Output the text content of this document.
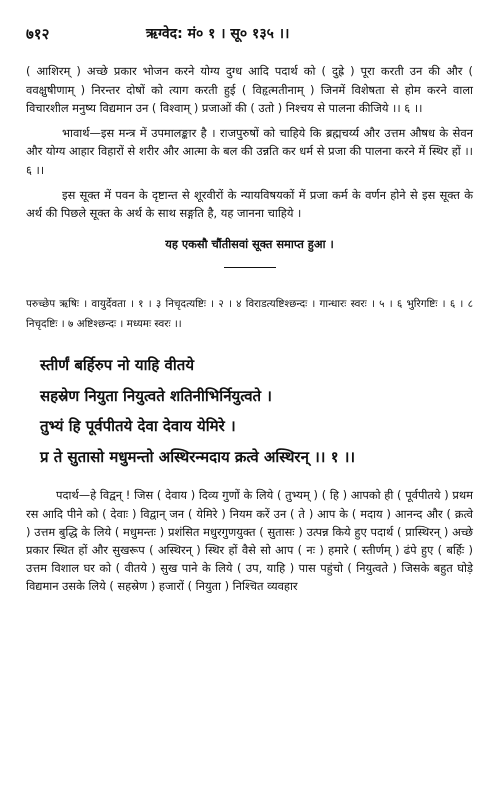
७१२	ऋग्वेद: मं० १ । सू० १३५ ।।

( आशिरम् ) अच्छे प्रकार भोजन करने योग्य दुग्ध आदि पदार्थ को ( दुह्रे ) पूरा करती उन की और ( ववक्षुषीणाम् ) निरन्तर दोषों को त्याग करती हुई ( विहृत्मतीनाम् ) जिनमें विशेषता से होम करने वाला विचारशील मनुष्य विद्यमान उन ( विश्वाम् ) प्रजाओं की ( उतो ) निश्चय से पालना कीजिये ।। ६ ।।

भावार्थ—इस मन्त्र में उपमालङ्कार है । राजपुरुषों को चाहिये कि ब्रह्मचर्य्य और उत्तम औषध के सेवन और योग्य आहार विहारों से शरीर और आत्मा के बल की उन्नति कर धर्म से प्रजा की पालना करने में स्थिर हों ।। ६ ।।

इस सूक्त में पवन के दृष्टान्त से शूरवीरों के न्यायविषयकों में प्रजा कर्म के वर्णन होने से इस सूक्त के अर्थ की पिछले सूक्त के अर्थ के साथ सङ्गति है, यह जानना चाहिये ।

यह एकसौ चौंतीसवां सूक्त समाप्त हुआ ।

परुच्छेप ऋषिः । वायुर्देवता । १ । ३ निचृदत्यष्टिः । २ । ४ विराडत्यष्टिश्छन्दः । गान्धारः स्वरः । ५ । ६ भुरिगष्टिः । ६ । ८ निचृदष्टिः । ७ अष्टिश्छन्दः । मध्यमः स्वरः ।।

स्तीर्णं बर्हिरुप नो याहि वीतये
सहस्रेण नियुता नियुत्वते शतिनीभिर्नियुत्वते ।
तुभ्यं हि पूर्वपीतये देवा देवाय येमिरे ।
प्र ते सुतासो मधुमन्तो अस्थिरन्मदाय क्रत्वे अस्थिरन् ।। १ ।।

पदार्थ—हे विद्वन् ! जिस ( देवाय ) दिव्य गुणों के लिये ( तुभ्यम् ) ( हि ) आपको ही ( पूर्वपीतये ) प्रथम रस आदि पीने को ( देवाः ) विद्वान् जन ( येमिरे ) नियम करें उन ( ते ) आप के ( मदाय ) आनन्द और ( क्रत्वे ) उत्तम बुद्धि के लिये ( मधुमन्तः ) प्रशंसित मधुरगुणयुक्त ( सुतासः ) उत्पन्न किये हुए पदार्थ ( प्रास्थिरन् ) अच्छे प्रकार स्थित हों और सुखरूप ( अस्थिरन् ) स्थिर हों वैसे सो आप ( नः ) हमारे ( स्तीर्णम् ) ढंपे हुए ( बर्हिः ) उत्तम विशाल घर को ( वीतये ) सुख पाने के लिये ( उप, याहि ) पास पहुंचो ( नियुत्वते ) जिसके बहुत घोड़े विद्यमान उसके लिये ( सहस्रेण ) हजारों ( नियुता ) निश्चित व्यवहार
